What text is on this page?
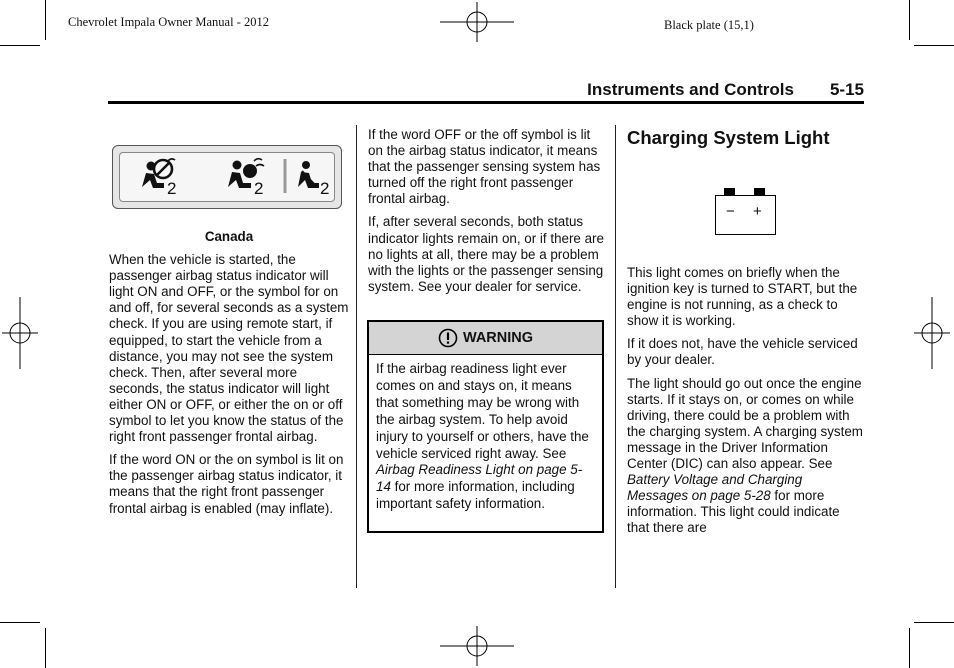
Chevrolet Impala Owner Manual - 2012	Black plate (15,1)
Instruments and Controls 5-15
2	2	2

Canada

When the vehicle is started, the passenger airbag status indicator will light ON and OFF, or the symbol for on and off, for several seconds as a system check. If you are using remote start, if equipped, to start the vehicle from a distance, you may not see the system check. Then, after several more seconds, the status indicator will light either ON or OFF, or either the on or off symbol to let you know the status of the right front passenger frontal airbag.

If the word ON or the on symbol is lit on the passenger airbag status indicator, it means that the right front passenger frontal airbag is enabled (may inflate).

If the word OFF or the off symbol is lit on the airbag status indicator, it means that the passenger sensing system has turned off the right front passenger frontal airbag.

If, after several seconds, both status indicator lights remain on, or if there are no lights at all, there may be a problem with the lights or the passenger sensing system. See your dealer for service.

WARNING
If the airbag readiness light ever comes on and stays on, it means that something may be wrong with the airbag system. To help avoid injury to yourself or others, have the vehicle serviced right away. See Airbag Readiness Light on page 5-14 for more information, including important safety information.
Charging System Light
− +

This light comes on briefly when the ignition key is turned to START, but the engine is not running, as a check to show it is working.

If it does not, have the vehicle serviced by your dealer.

The light should go out once the engine starts. If it stays on, or comes on while driving, there could be a problem with the charging system. A charging system message in the Driver Information Center (DIC) can also appear. See Battery Voltage and Charging Messages on page 5-28 for more information. This light could indicate that there are
